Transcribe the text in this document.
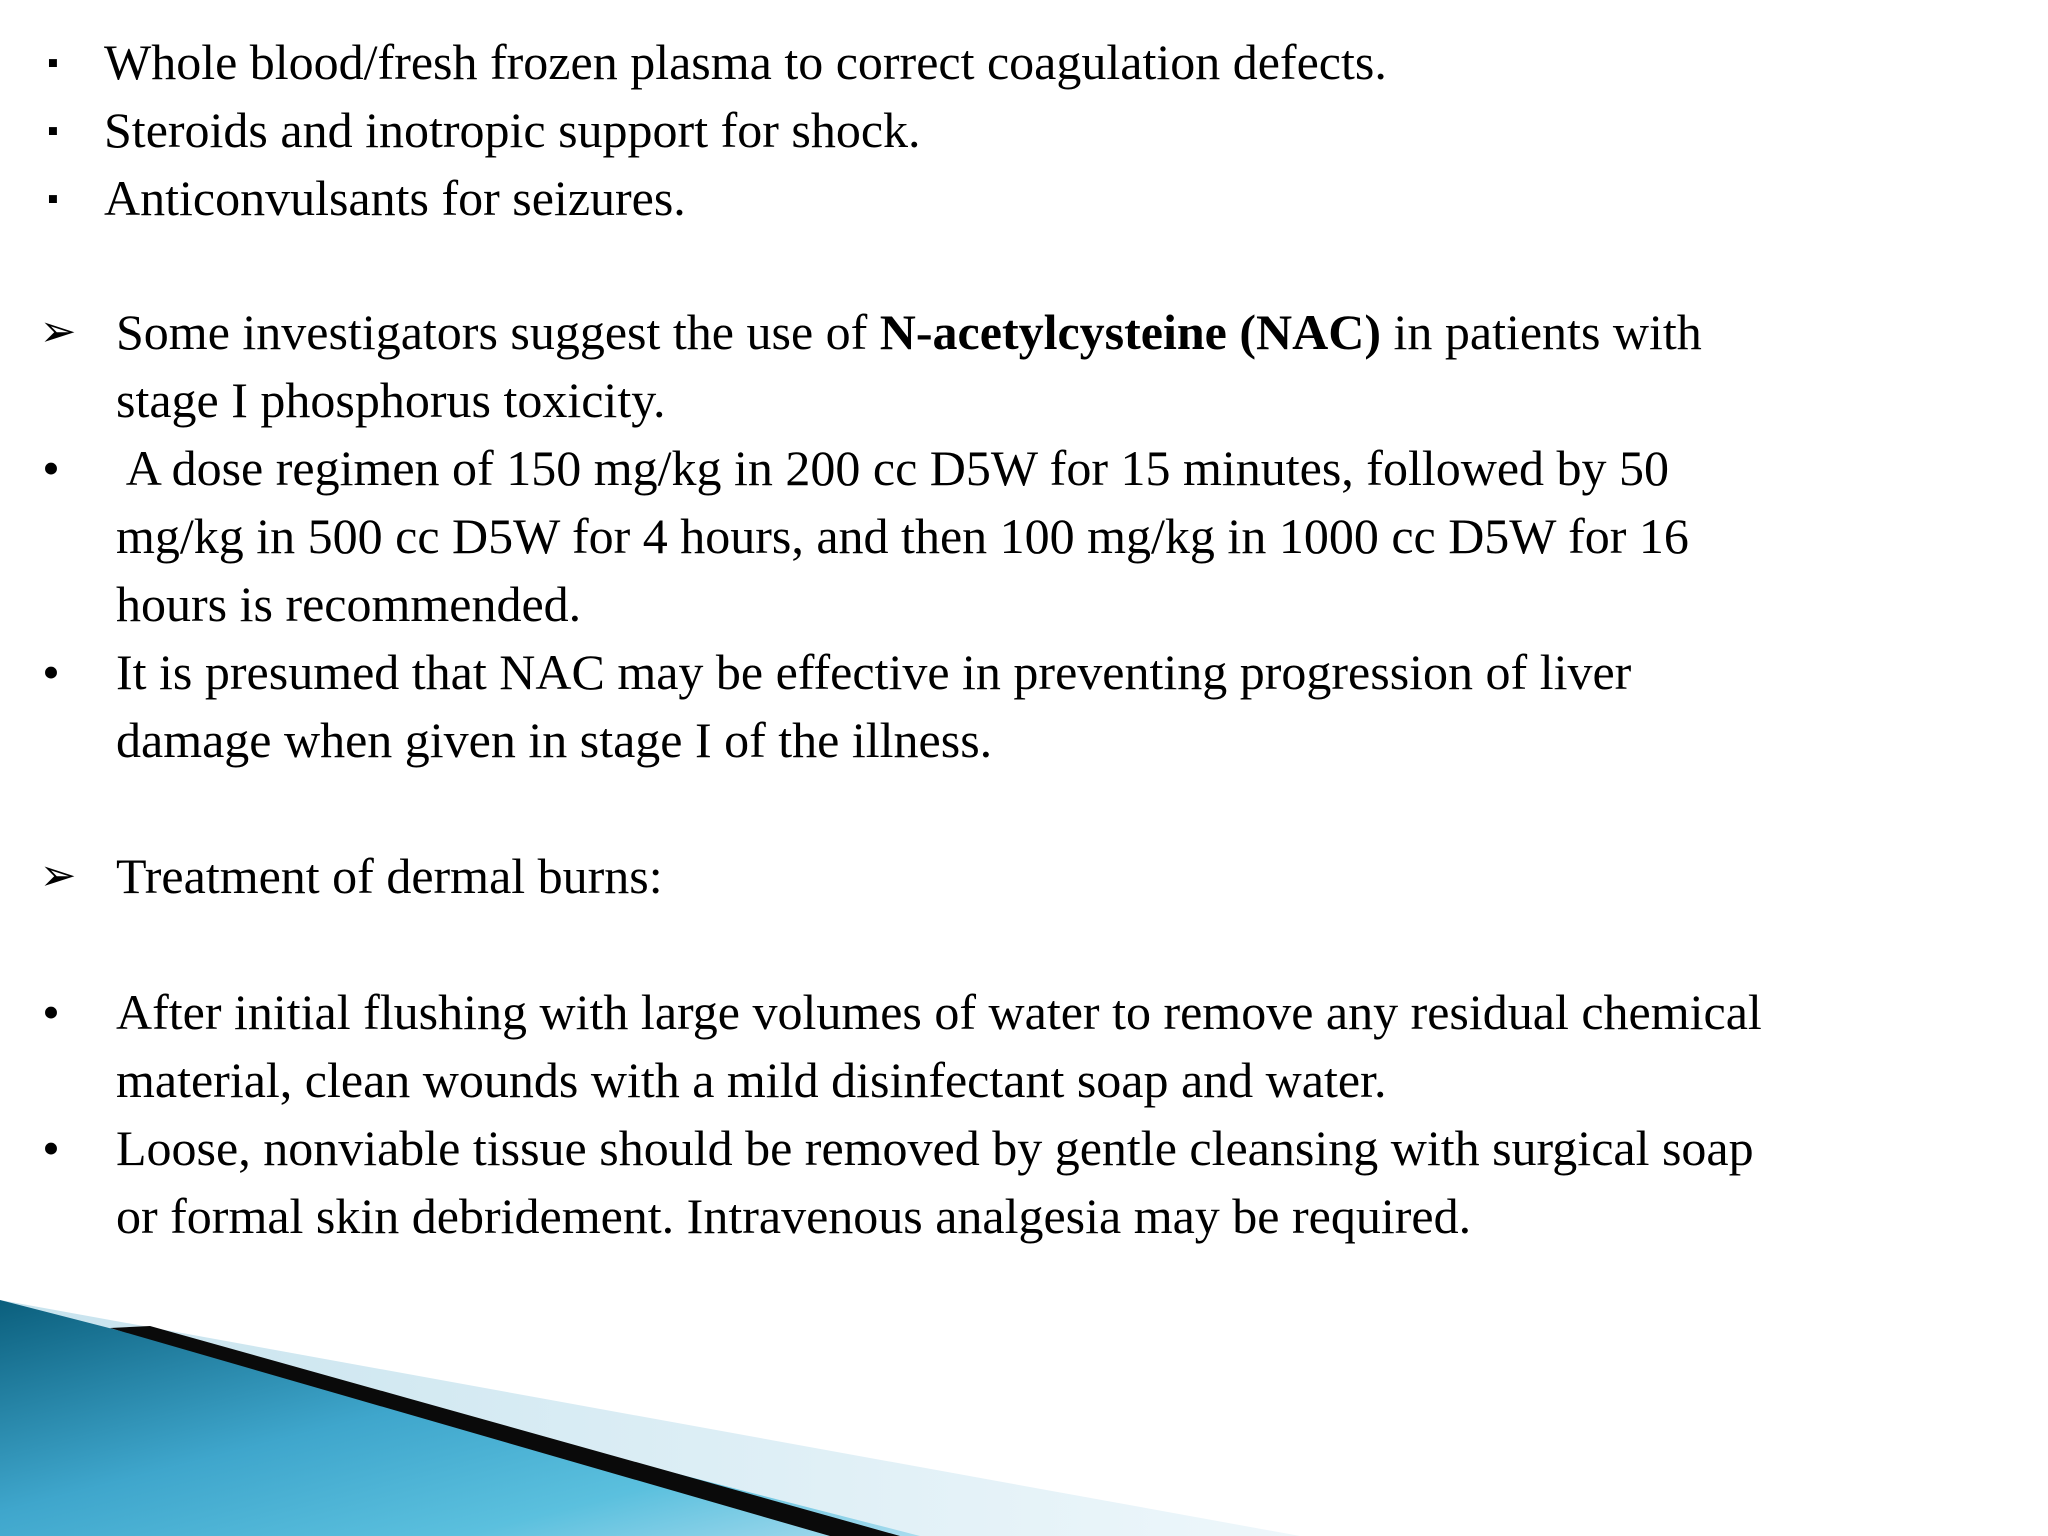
▪ Whole blood/fresh frozen plasma to correct coagulation defects.
▪ Steroids and inotropic support for shock.
▪ Anticonvulsants for seizures.
➢ Some investigators suggest the use of N-acetylcysteine (NAC) in patients with
stage I phosphorus toxicity.
• A dose regimen of 150 mg/kg in 200 cc D5W for 15 minutes, followed by 50
mg/kg in 500 cc D5W for 4 hours, and then 100 mg/kg in 1000 cc D5W for 16
hours is recommended.
• It is presumed that NAC may be effective in preventing progression of liver
damage when given in stage I of the illness.
➢ Treatment of dermal burns:
• After initial flushing with large volumes of water to remove any residual chemical
material, clean wounds with a mild disinfectant soap and water.
• Loose, nonviable tissue should be removed by gentle cleansing with surgical soap
or formal skin debridement. Intravenous analgesia may be required.
